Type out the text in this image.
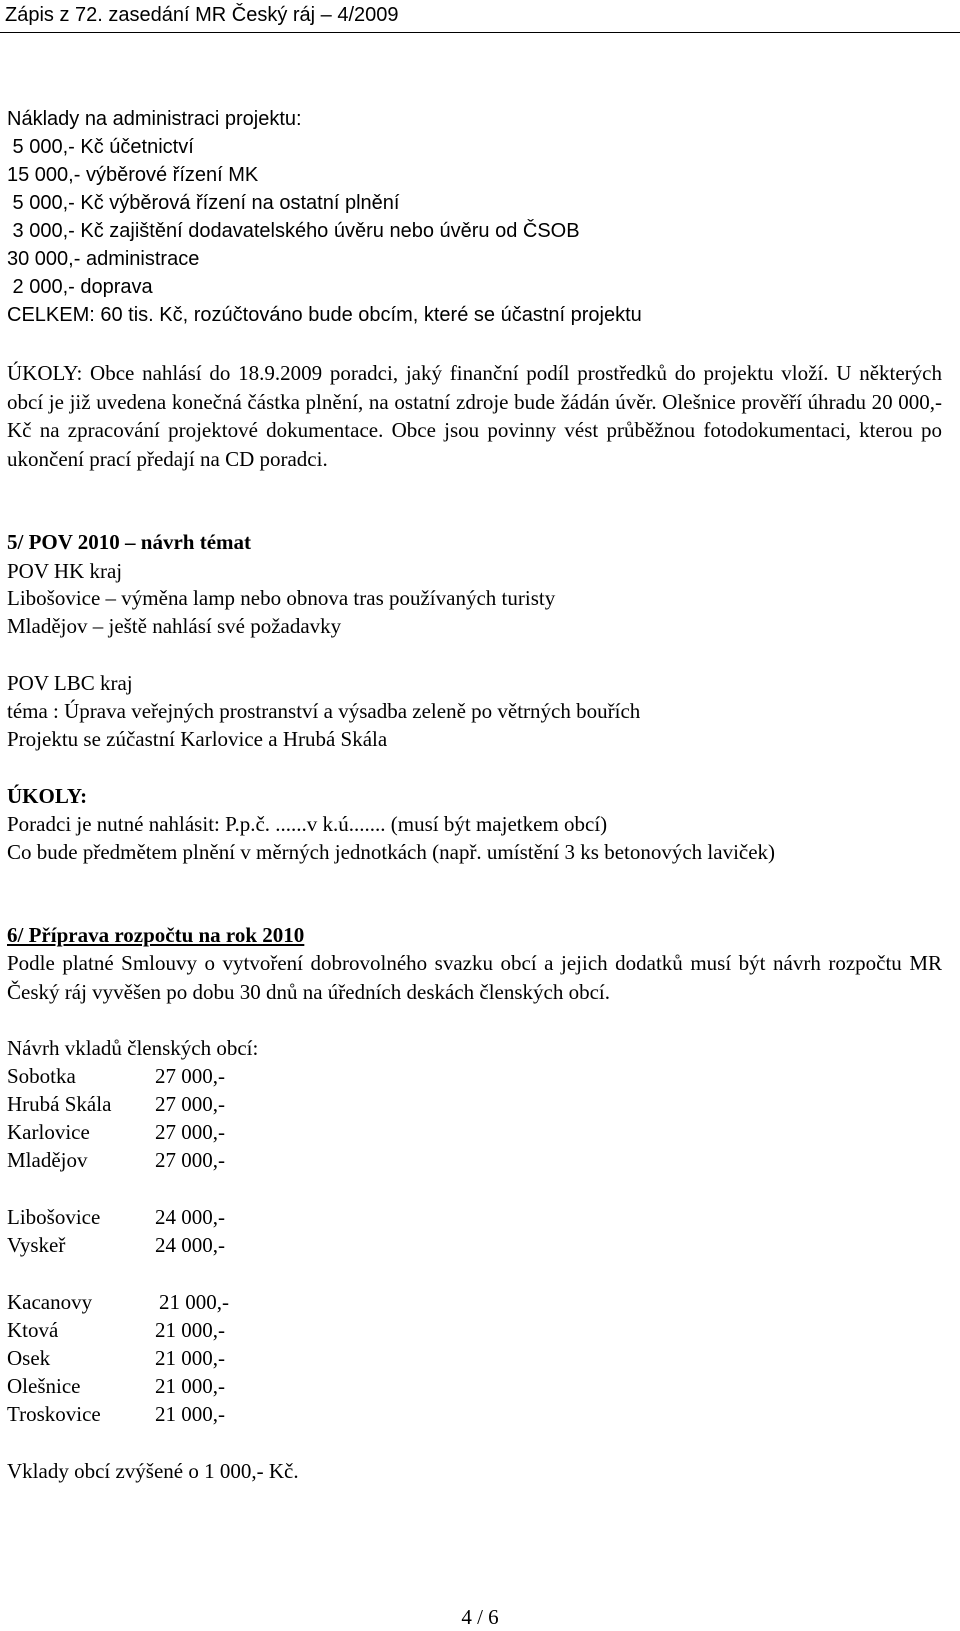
Zápis z 72. zasedání MR Český ráj – 4/2009
Náklady na administraci projektu:
5 000,- Kč účetnictví
15 000,- výběrové řízení MK
5 000,- Kč výběrová řízení na ostatní plnění
3 000,- Kč zajištění dodavatelského úvěru nebo úvěru od ČSOB
30 000,- administrace
2 000,- doprava
CELKEM: 60 tis. Kč, rozúčtováno bude obcím, které se účastní projektu
ÚKOLY: Obce nahlásí do 18.9.2009 poradci, jaký finanční podíl prostředků do projektu vloží. U některých obcí je již uvedena konečná částka plnění, na ostatní zdroje bude žádán úvěr. Olešnice prověří úhradu 20 000,- Kč na zpracování projektové dokumentace. Obce jsou povinny vést průběžnou fotodokumentaci, kterou po ukončení prací předají na CD poradci.
5/ POV 2010 – návrh témat
POV HK kraj
Libošovice – výměna lamp nebo obnova tras používaných turisty
Mladějov – ještě nahlásí své požadavky
POV LBC kraj
téma : Úprava veřejných prostranství a výsadba zeleně po větrných bouřích
Projektu se zúčastní Karlovice a Hrubá Skála
ÚKOLY:
Poradci je nutné nahlásit: P.p.č. ......v k.ú....... (musí být majetkem obcí)
Co bude předmětem plnění v měrných jednotkách (např. umístění 3 ks betonových laviček)
6/ Příprava rozpočtu na rok 2010
Podle platné Smlouvy o vytvoření dobrovolného svazku obcí a jejich dodatků musí být návrh rozpočtu MR Český ráj vyvěšen po dobu 30 dnů na úředních deskách členských obcí.
Návrh vkladů členských obcí:
Sobotka	27 000,-
Hrubá Skála 27 000,-
Karlovice	27 000,-
Mladějov	27 000,-
Libošovice	24 000,-
Vyskeř	24 000,-
Kacanovy	21 000,-
Ktová	21 000,-
Osek	21 000,-
Olešnice	21 000,-
Troskovice	21 000,-
Vklady obcí zvýšené o 1 000,- Kč.
4 / 6
